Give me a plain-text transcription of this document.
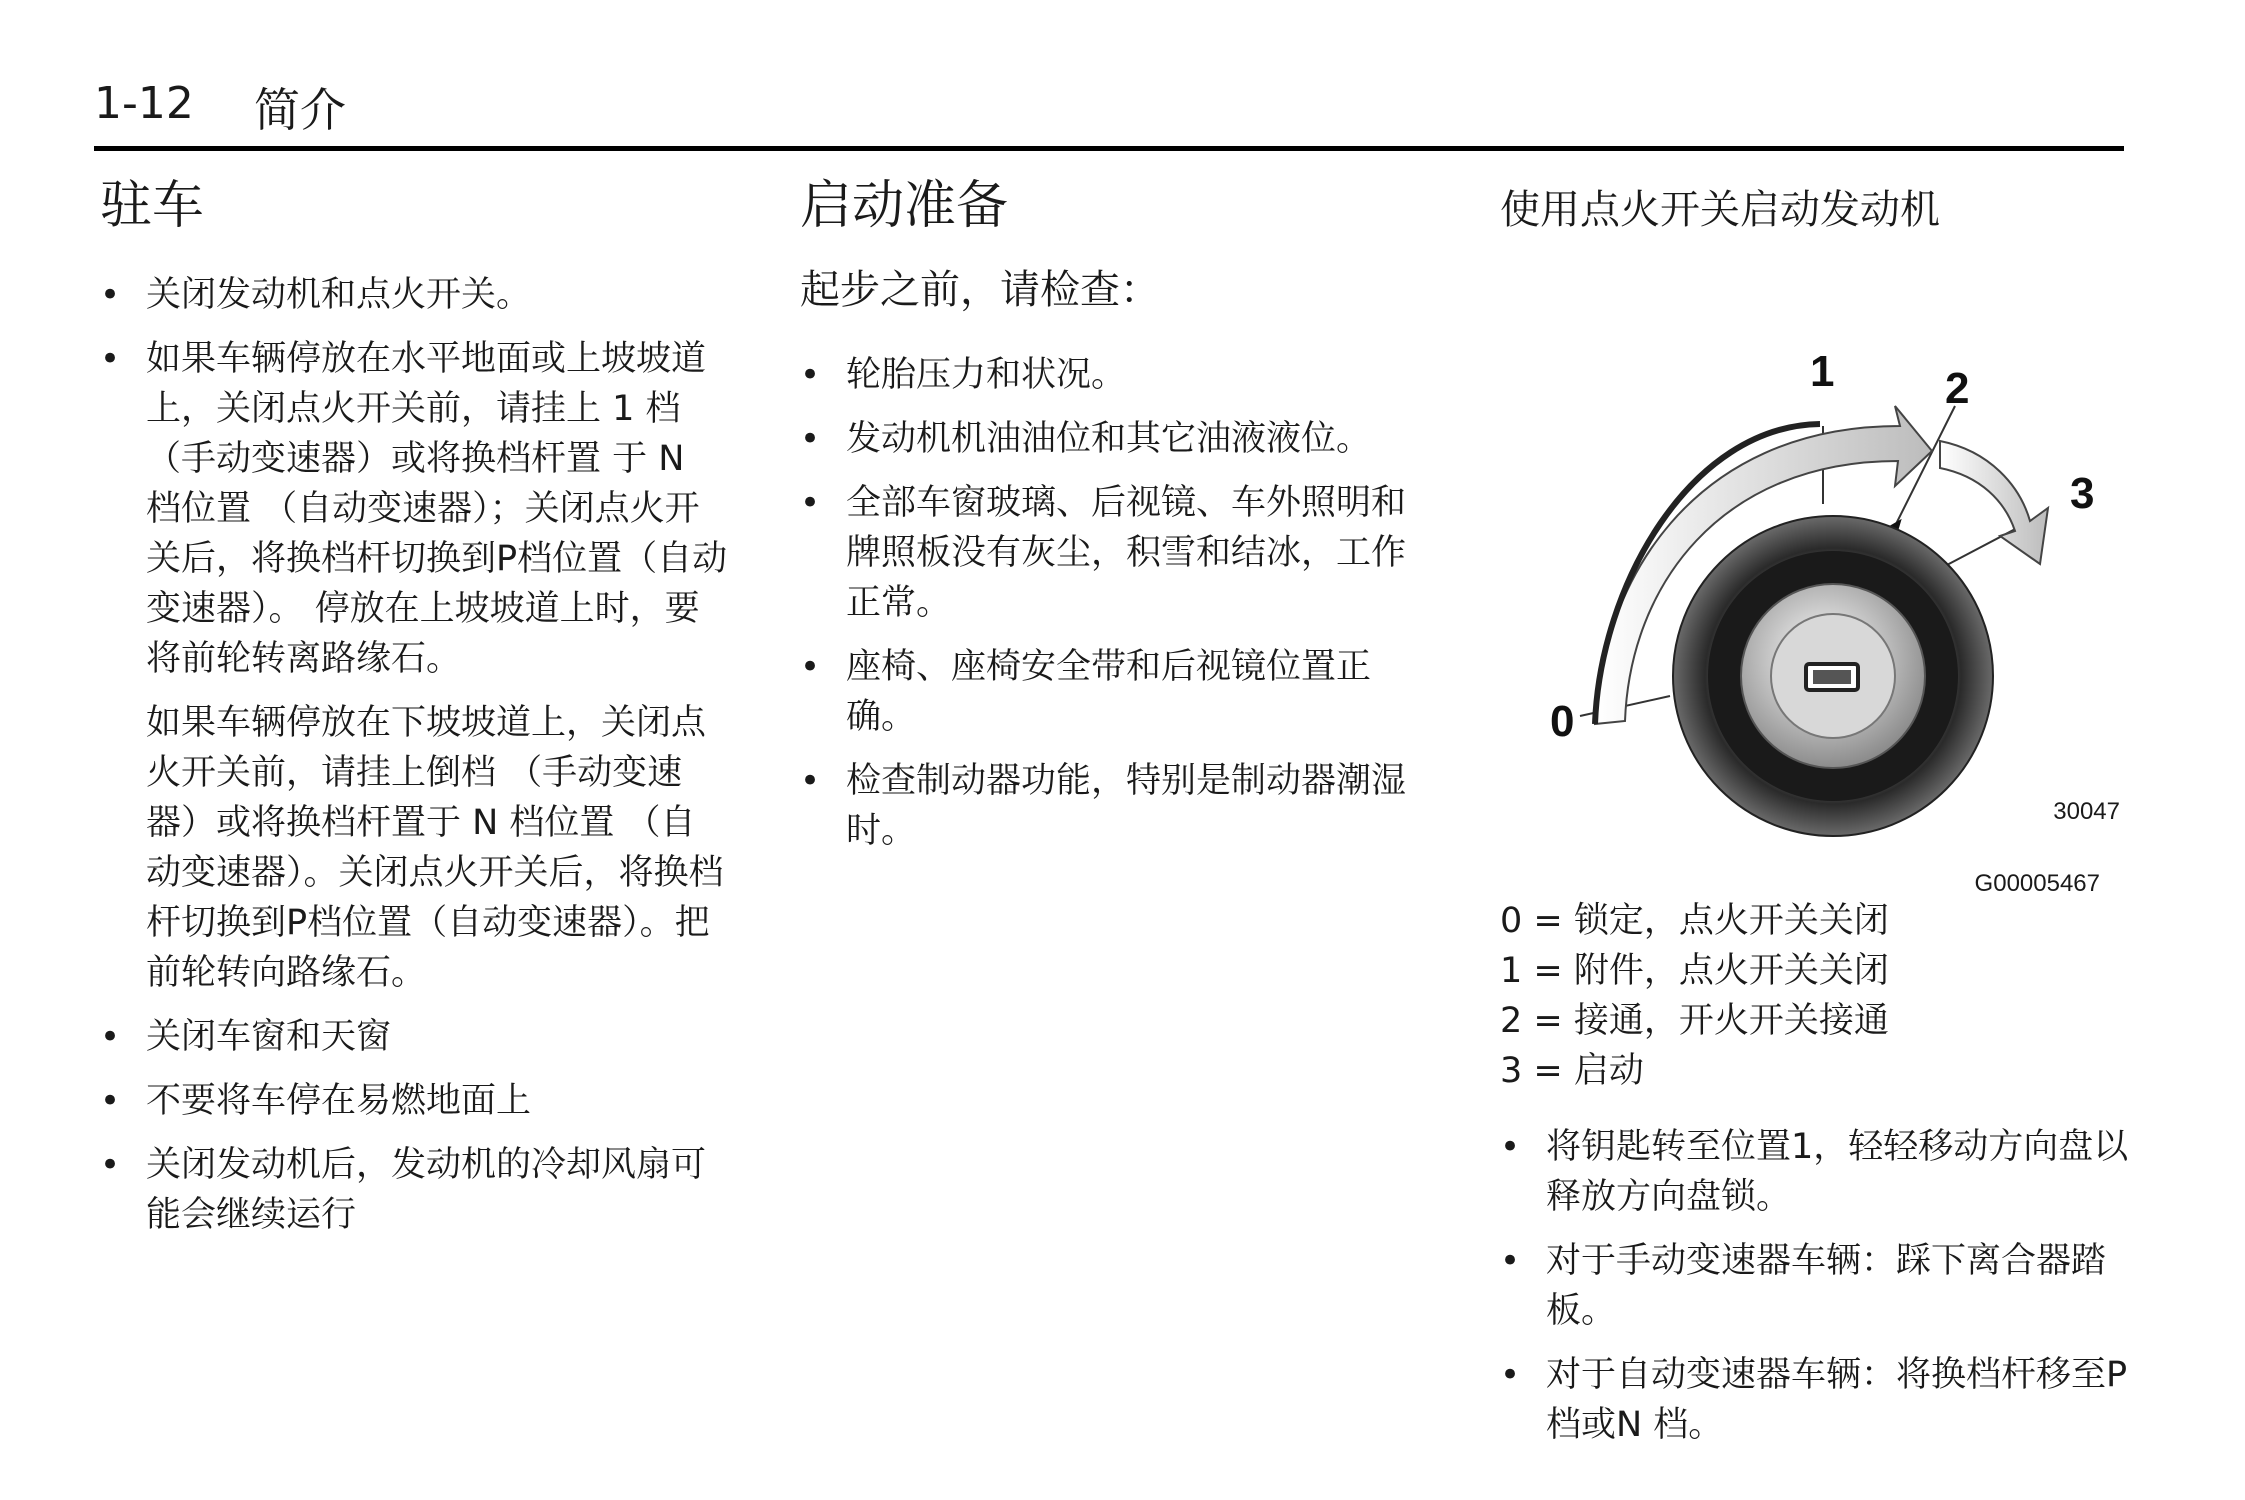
1-12 简介
驻车
• 关闭发动机和点火开关。
• 如果车辆停放在水平地面或上坡坡道 上，关闭点火开关前，请挂上 1 档 （手动变速器）或将换档杆置 于 N 档位置 （自动变速器）；关闭点火开关后，将换档杆切换到P档位置（自动变速器）。 停放在上坡坡道上时，要将前轮转离路缘石。

如果车辆停放在下坡坡道上，关闭点火开关前，请挂上倒档 （手动变速器）或将换档杆置于 N 档位置 （自动变速器）。关闭点火开关后，将换档杆切换到P档位置（自动变速器）。把前轮转向路缘石。

• 关闭车窗和天窗
• 不要将车停在易燃地面上
• 关闭发动机后，发动机的冷却风扇可能会继续运行
启动准备
起步之前，请检查：
• 轮胎压力和状况。
• 发动机机油油位和其它油液液位。
• 全部车窗玻璃、后视镜、车外照明和牌照板没有灰尘，积雪和结冰，工作正常。
• 座椅、座椅安全带和后视镜位置正确。
• 检查制动器功能，特别是制动器潮湿时。
使用点火开关启动发动机
0
1	2
3
30047
G00005467
0 = 锁定，点火开关关闭
1 = 附件，点火开关关闭
2 = 接通，开火开关接通
3 = 启动
• 将钥匙转至位置1，轻轻移动方向盘以释放方向盘锁。
• 对于手动变速器车辆：踩下离合器踏板。
• 对于自动变速器车辆：将换档杆移至P 档或N 档。
